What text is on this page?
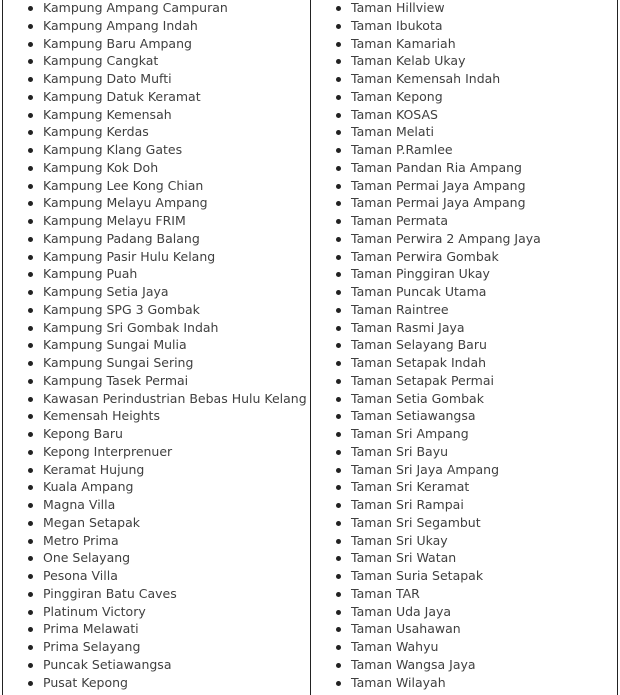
Kampung Ampang Campuran
Kampung Ampang Indah
Kampung Baru Ampang
Kampung Cangkat
Kampung Dato Mufti
Kampung Datuk Keramat
Kampung Kemensah
Kampung Kerdas
Kampung Klang Gates
Kampung Kok Doh
Kampung Lee Kong Chian
Kampung Melayu Ampang
Kampung Melayu FRIM
Kampung Padang Balang
Kampung Pasir Hulu Kelang
Kampung Puah
Kampung Setia Jaya
Kampung SPG 3 Gombak
Kampung Sri Gombak Indah
Kampung Sungai Mulia
Kampung Sungai Sering
Kampung Tasek Permai
Kawasan Perindustrian Bebas Hulu Kelang
Kemensah Heights
Kepong Baru
Kepong Interprenuer
Keramat Hujung
Kuala Ampang
Magna Villa
Megan Setapak
Metro Prima
One Selayang
Pesona Villa
Pinggiran Batu Caves
Platinum Victory
Prima Melawati
Prima Selayang
Puncak Setiawangsa
Pusat Kepong
Taman Hillview
Taman Ibukota
Taman Kamariah
Taman Kelab Ukay
Taman Kemensah Indah
Taman Kepong
Taman KOSAS
Taman Melati
Taman P.Ramlee
Taman Pandan Ria Ampang
Taman Permai Jaya Ampang
Taman Permai Jaya Ampang
Taman Permata
Taman Perwira 2 Ampang Jaya
Taman Perwira Gombak
Taman Pinggiran Ukay
Taman Puncak Utama
Taman Raintree
Taman Rasmi Jaya
Taman Selayang Baru
Taman Setapak Indah
Taman Setapak Permai
Taman Setia Gombak
Taman Setiawangsa
Taman Sri Ampang
Taman Sri Bayu
Taman Sri Jaya Ampang
Taman Sri Keramat
Taman Sri Rampai
Taman Sri Segambut
Taman Sri Ukay
Taman Sri Watan
Taman Suria Setapak
Taman TAR
Taman Uda Jaya
Taman Usahawan
Taman Wahyu
Taman Wangsa Jaya
Taman Wilayah
